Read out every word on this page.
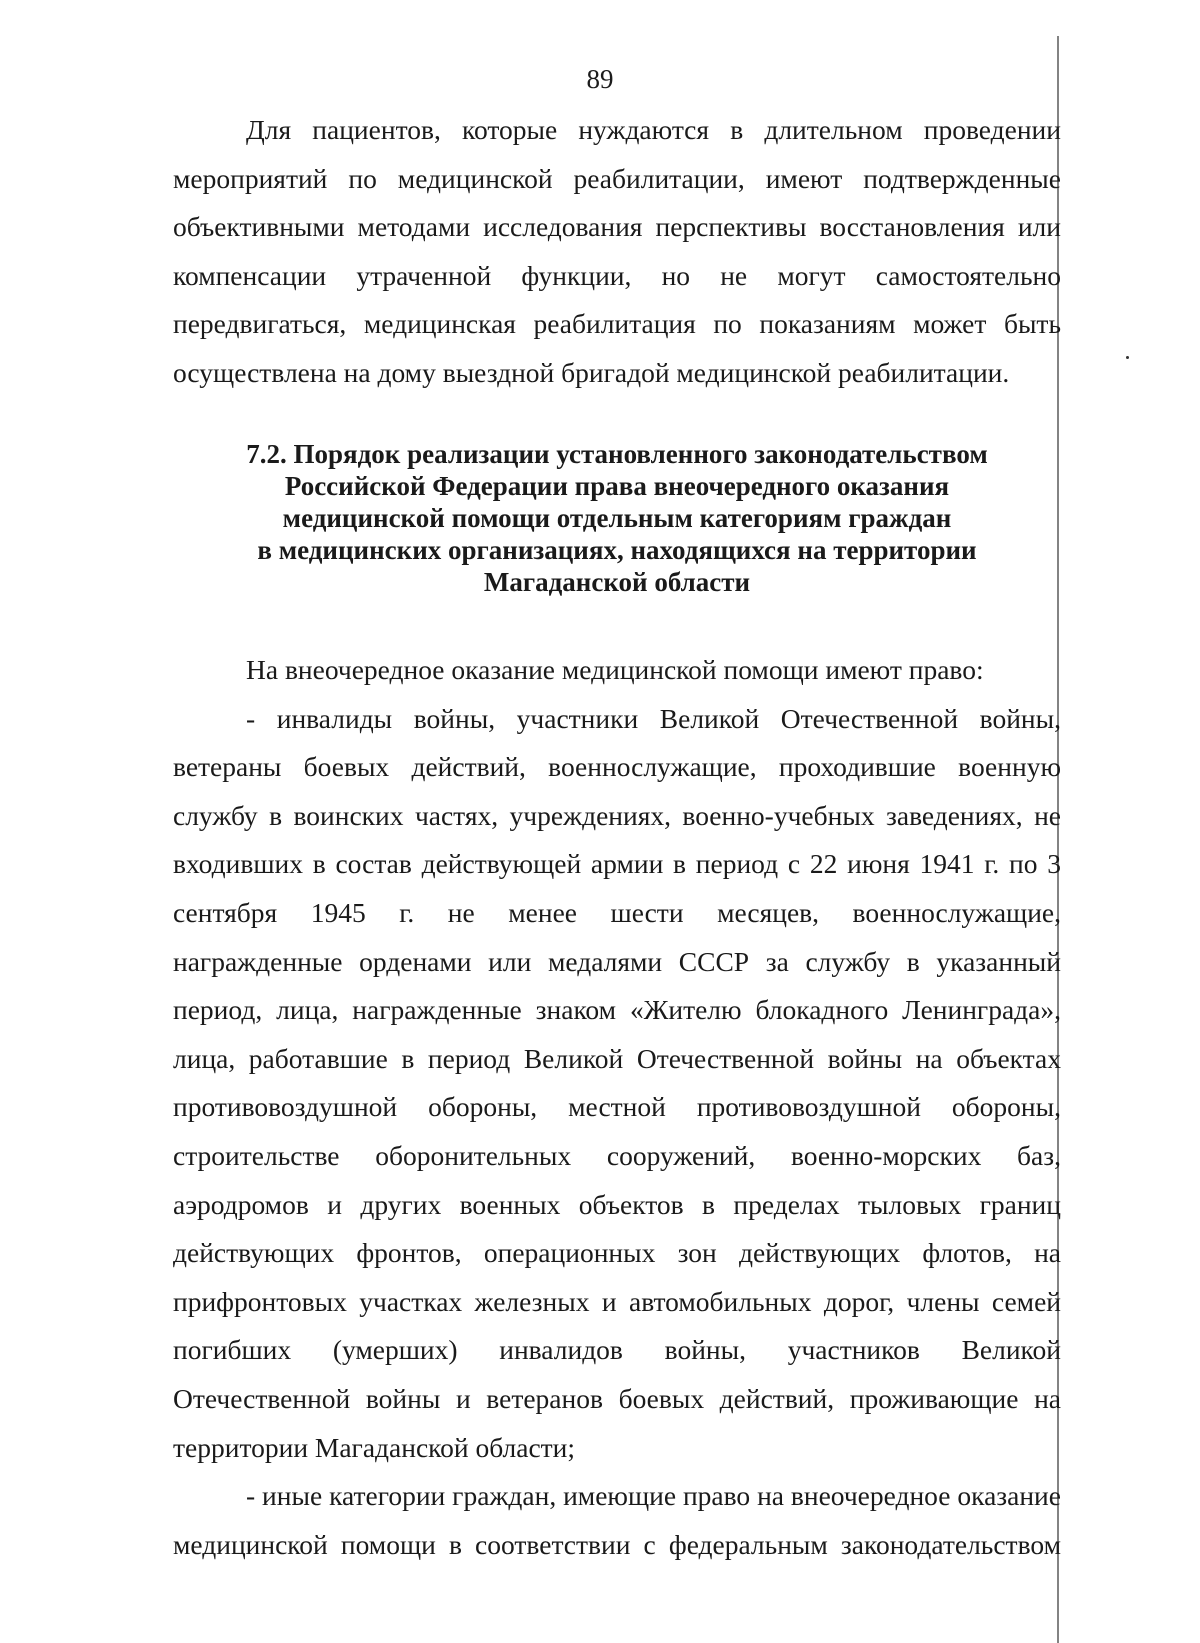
89
Для пациентов, которые нуждаются в длительном проведении
мероприятий по медицинской реабилитации, имеют подтвержденные
объективными методами исследования перспективы восстановления или
компенсации утраченной функции, но не могут самостоятельно
передвигаться, медицинская реабилитация по показаниям может быть
осуществлена на дому выездной бригадой медицинской реабилитации.
7.2. Порядок реализации установленного законодательством
Российской Федерации права внеочередного оказания
медицинской помощи отдельным категориям граждан
в медицинских организациях, находящихся на территории
Магаданской области
На внеочередное оказание медицинской помощи имеют право:
- инвалиды войны, участники Великой Отечественной войны,
ветераны боевых действий, военнослужащие, проходившие военную
службу в воинских частях, учреждениях, военно-учебных заведениях, не
входивших в состав действующей армии в период с 22 июня 1941 г. по 3
сентября 1945 г. не менее шести месяцев, военнослужащие,
награжденные орденами или медалями СССР за службу в указанный
период, лица, награжденные знаком «Жителю блокадного Ленинграда»,
лица, работавшие в период Великой Отечественной войны на объектах
противовоздушной обороны, местной противовоздушной обороны,
строительстве оборонительных сооружений, военно-морских баз,
аэродромов и других военных объектов в пределах тыловых границ
действующих фронтов, операционных зон действующих флотов, на
прифронтовых участках железных и автомобильных дорог, члены семей
погибших (умерших) инвалидов войны, участников Великой
Отечественной войны и ветеранов боевых действий, проживающие на
территории Магаданской области;
- иные категории граждан, имеющие право на внеочередное оказание
медицинской помощи в соответствии с федеральным законодательством
